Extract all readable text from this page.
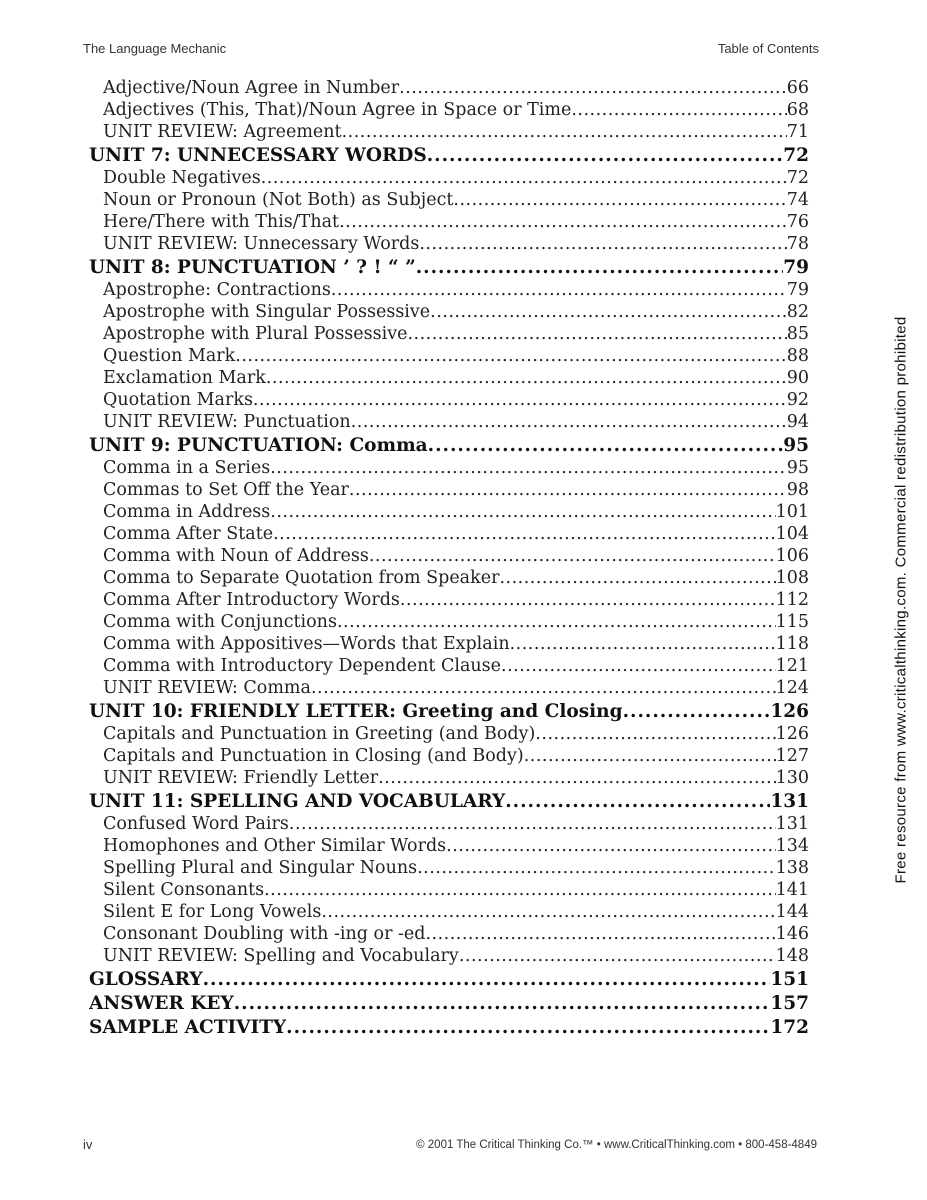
The Language Mechanic	Table of Contents
Adjective/Noun Agree in Number .....	66
Adjectives (This, That)/Noun Agree in Space or Time .....	68
UNIT REVIEW: Agreement .....	71
UNIT 7: UNNECESSARY WORDS .....	72
Double Negatives .....	72
Noun or Pronoun (Not Both) as Subject .....	74
Here/There with This/That .....	76
UNIT REVIEW: Unnecessary Words .....	78
UNIT 8: PUNCTUATION ’ ? ! “ ” .....	79
Apostrophe: Contractions .....	79
Apostrophe with Singular Possessive .....	82
Apostrophe with Plural Possessive .....	85
Question Mark .....	88
Exclamation Mark .....	90
Quotation Marks .....	92
UNIT REVIEW: Punctuation .....	94
UNIT 9: PUNCTUATION: Comma .....	95
Comma in a Series .....	95
Commas to Set Off the Year .....	98
Comma in Address .....	101
Comma After State .....	104
Comma with Noun of Address .....	106
Comma to Separate Quotation from Speaker .....	108
Comma After Introductory Words .....	112
Comma with Conjunctions .....	115
Comma with Appositives—Words that Explain .....	118
Comma with Introductory Dependent Clause .....	121
UNIT REVIEW: Comma .....	124
UNIT 10: FRIENDLY LETTER: Greeting and Closing .....	126
Capitals and Punctuation in Greeting (and Body) .....	126
Capitals and Punctuation in Closing (and Body) .....	127
UNIT REVIEW: Friendly Letter .....	130
UNIT 11: SPELLING AND VOCABULARY .....	131
Confused Word Pairs .....	131
Homophones and Other Similar Words .....	134
Spelling Plural and Singular Nouns .....	138
Silent Consonants .....	141
Silent E for Long Vowels .....	144
Consonant Doubling with -ing or -ed .....	146
UNIT REVIEW: Spelling and Vocabulary .....	148
GLOSSARY .....	151
ANSWER KEY .....	157
SAMPLE ACTIVITY .....	172
Free resource from www.criticalthinking.com. Commercial redistribution prohibited
iv	© 2001 The Critical Thinking Co.™ • www.CriticalThinking.com • 800-458-4849
